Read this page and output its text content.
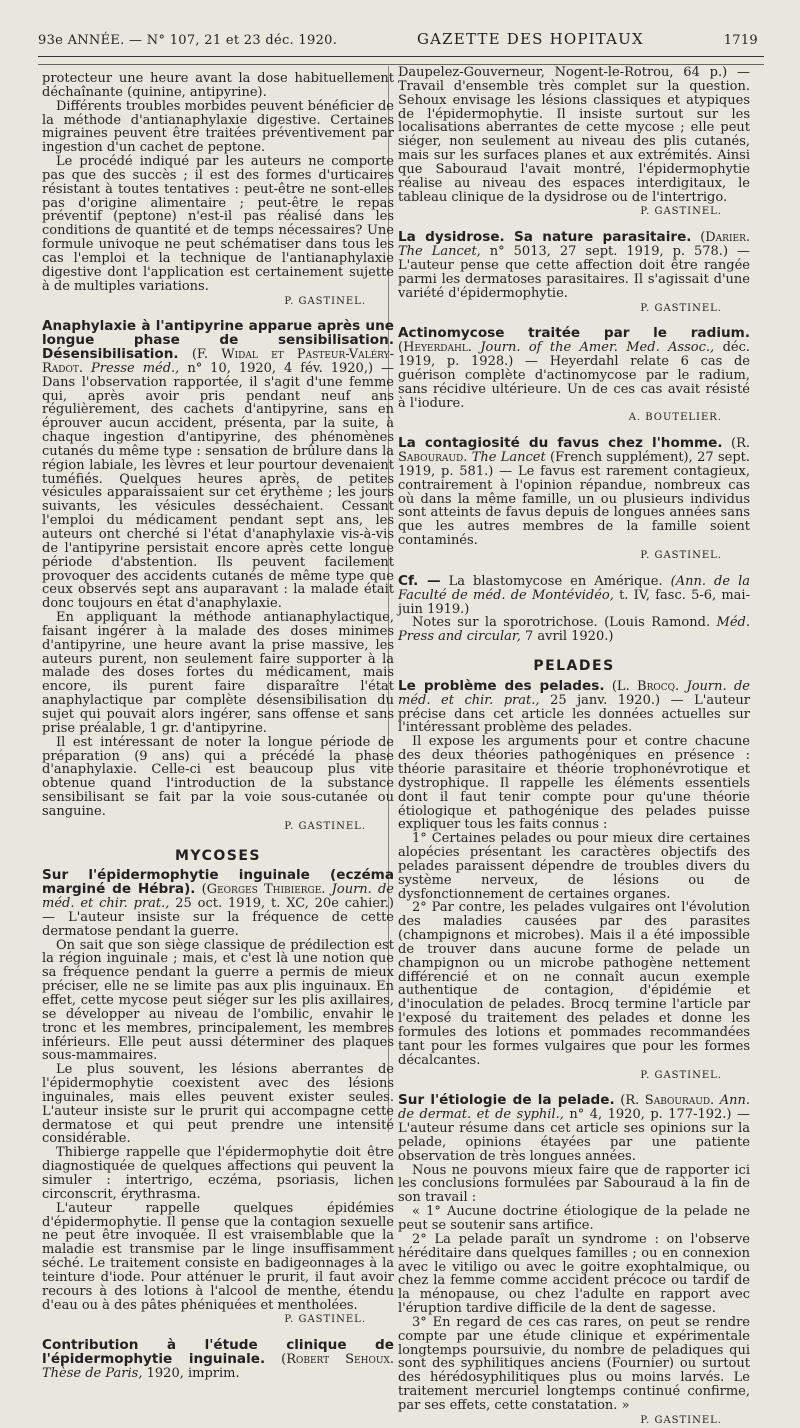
93e ANNÉE. — N° 107, 21 et 23 déc. 1920.	GAZETTE DES HOPITAUX	1719

protecteur une heure avant la dose habituellement déchaînante (quinine, antipyrine).

Différents troubles morbides peuvent bénéficier de la méthode d'antianaphylaxie digestive. Certaines migraines peuvent être traitées préventivement par ingestion d'un cachet de peptone.

Le procédé indiqué par les auteurs ne comporte pas que des succès ; il est des formes d'urticaires résistant à toutes tentatives : peut-être ne sont-elles pas d'origine alimentaire ; peut-être le repas préventif (peptone) n'est-il pas réalisé dans les conditions de quantité et de temps nécessaires? Une formule univoque ne peut schématiser dans tous les cas l'emploi et la technique de l'antianaphylaxie digestive dont l'application est certainement sujette à de multiples variations.

P. GASTINEL.

Anaphylaxie à l'antipyrine apparue après une longue phase de sensibilisation. Désensibilisation. (F. Widal et Pasteur-Valéry-Radot. Presse méd., n° 10, 1920, 4 fév. 1920,) — Dans l'observation rapportée, il s'agit d'une femme qui, après avoir pris pendant neuf ans régulièrement, des cachets d'antipyrine, sans en éprouver aucun accident, présenta, par la suite, à chaque ingestion d'antipyrine, des phénomènes cutanés du même type : sensation de brûlure dans la région labiale, les lèvres et leur pourtour devenaient tuméfiés. Quelques heures après, de petites vésicules apparaissaient sur cet érythème ; les jours suivants, les vésicules desséchaient. Cessant l'emploi du médicament pendant sept ans, les auteurs ont cherché si l'état d'anaphylaxie vis-à-vis de l'antipyrine persistait encore après cette longue période d'abstention. Ils peuvent facilement provoquer des accidents cutanés de même type que ceux observés sept ans auparavant : la malade était donc toujours en état d'anaphylaxie.

En appliquant la méthode antianaphylactique, faisant ingérer à la malade des doses minimes d'antipyrine, une heure avant la prise massive, les auteurs purent, non seulement faire supporter à la malade des doses fortes du médicament, mais encore, ils purent faire disparaître l'état anaphylactique par complète désensibilisation du sujet qui pouvait alors ingérer, sans offense et sans prise préalable, 1 gr. d'antipyrine.

Il est intéressant de noter la longue période de préparation (9 ans) qui a précédé la phase d'anaphylaxie. Celle-ci est beaucoup plus vite obtenue quand l'introduction de la substance sensibilisant se fait par la voie sous-cutanée ou sanguine.

P. GASTINEL.
MYCOSES

Sur l'épidermophytie inguinale (eczéma marginé de Hébra). (Georges Thibierge. Journ. de méd. et chir. prat., 25 oct. 1919, t. XC, 20e cahier.) — L'auteur insiste sur la fréquence de cette dermatose pendant la guerre.

On sait que son siège classique de prédilection est la région inguinale ; mais, et c'est là une notion que sa fréquence pendant la guerre a permis de mieux préciser, elle ne se limite pas aux plis inguinaux. En effet, cette mycose peut siéger sur les plis axillaires, se développer au niveau de l'ombilic, envahir le tronc et les membres, principalement, les membres inférieurs. Elle peut aussi déterminer des plaques sous-mammaires.

Le plus souvent, les lésions aberrantes de l'épidermophytie coexistent avec des lésions inguinales, mais elles peuvent exister seules. L'auteur insiste sur le prurit qui accompagne cette dermatose et qui peut prendre une intensité considérable.

Thibierge rappelle que l'épidermophytie doit être diagnostiquée de quelques affections qui peuvent la simuler : intertrigo, eczéma, psoriasis, lichen circonscrit, érythrasma.

L'auteur rappelle quelques épidémies d'épidermophytie. Il pense que la contagion sexuelle ne peut être invoquée. Il est vraisemblable que la maladie est transmise par le linge insuffisamment séché. Le traitement consiste en badigeonnages à la teinture d'iode. Pour atténuer le prurit, il faut avoir recours à des lotions à l'alcool de menthe, étendu d'eau ou à des pâtes phéniquées et mentholées.

P. GASTINEL.

Contribution à l'étude clinique de l'épidermophytie inguinale. (Robert Sehoux. Thèse de Paris, 1920, imprim.

Daupelez-Gouverneur, Nogent-le-Rotrou, 64 p.) — Travail d'ensemble très complet sur la question. Sehoux envisage les lésions classiques et atypiques de l'épidermophytie. Il insiste surtout sur les localisations aberrantes de cette mycose ; elle peut siéger, non seulement au niveau des plis cutanés, mais sur les surfaces planes et aux extrémités. Ainsi que Sabouraud l'avait montré, l'épidermophytie réalise au niveau des espaces interdigitaux, le tableau clinique de la dysidrose ou de l'intertrigo.

P. GASTINEL.

La dysidrose. Sa nature parasitaire. (Darier. The Lancet, n° 5013, 27 sept. 1919, p. 578.) — L'auteur pense que cette affection doit être rangée parmi les dermatoses parasitaires. Il s'agissait d'une variété d'épidermophytie.

P. GASTINEL.

Actinomycose traitée par le radium. (Heyerdahl. Journ. of the Amer. Med. Assoc., déc. 1919, p. 1928.) — Heyerdahl relate 6 cas de guérison complète d'actinomycose par le radium, sans récidive ultérieure. Un de ces cas avait résisté à l'iodure.

A. BOUTELIER.

La contagiosité du favus chez l'homme. (R. Sabouraud. The Lancet (French supplément), 27 sept. 1919, p. 581.) — Le favus est rarement contagieux, contrairement à l'opinion répandue, nombreux cas où dans la même famille, un ou plusieurs individus sont atteints de favus depuis de longues années sans que les autres membres de la famille soient contaminés.

P. GASTINEL.

Cf. — La blastomycose en Amérique. (Ann. de la Faculté de méd. de Montévidéo, t. IV, fasc. 5-6, mai-juin 1919.)

Notes sur la sporotrichose. (Louis Ramond. Méd. Press and circular, 7 avril 1920.)

PELADES

Le problème des pelades. (L. Brocq. Journ. de méd. et chir. prat., 25 janv. 1920.) — L'auteur précise dans cet article les données actuelles sur l'intéressant problème des pelades.

Il expose les arguments pour et contre chacune des deux théories pathogéniques en présence : théorie parasitaire et théorie trophonévrotique et dystrophique. Il rappelle les éléments essentiels dont il faut tenir compte pour qu'une théorie étiologique et pathogénique des pelades puisse expliquer tous les faits connus :

1° Certaines pelades ou pour mieux dire certaines alopécies présentant les caractères objectifs des pelades paraissent dépendre de troubles divers du système nerveux, de lésions ou de dysfonctionnement de certaines organes.

2° Par contre, les pelades vulgaires ont l'évolution des maladies causées par des parasites (champignons et microbes). Mais il a été impossible de trouver dans aucune forme de pelade un champignon ou un microbe pathogène nettement différencié et on ne connaît aucun exemple authentique de contagion, d'épidémie et d'inoculation de pelades. Brocq termine l'article par l'exposé du traitement des pelades et donne les formules des lotions et pommades recommandées tant pour les formes vulgaires que pour les formes décalcantes.

P. GASTINEL.

Sur l'étiologie de la pelade. (R. Sabouraud. Ann. de dermat. et de syphil., n° 4, 1920, p. 177-192.) — L'auteur résume dans cet article ses opinions sur la pelade, opinions étayées par une patiente observation de très longues années.

Nous ne pouvons mieux faire que de rapporter ici les conclusions formulées par Sabouraud à la fin de son travail :

« 1° Aucune doctrine étiologique de la pelade ne peut se soutenir sans artifice.

2° La pelade paraît un syndrome : on l'observe héréditaire dans quelques familles ; ou en connexion avec le vitiligo ou avec le goitre exophtalmique, ou chez la femme comme accident précoce ou tardif de la ménopause, ou chez l'adulte en rapport avec l'éruption tardive difficile de la dent de sagesse.

3° En regard de ces cas rares, on peut se rendre compte par une étude clinique et expérimentale longtemps poursuivie, du nombre de peladiques qui sont des syphilitiques anciens (Fournier) ou surtout des hérédosyphilitiques plus ou moins larvés. Le traitement mercuriel longtemps continué confirme, par ses effets, cette constatation. »

P. GASTINEL.
